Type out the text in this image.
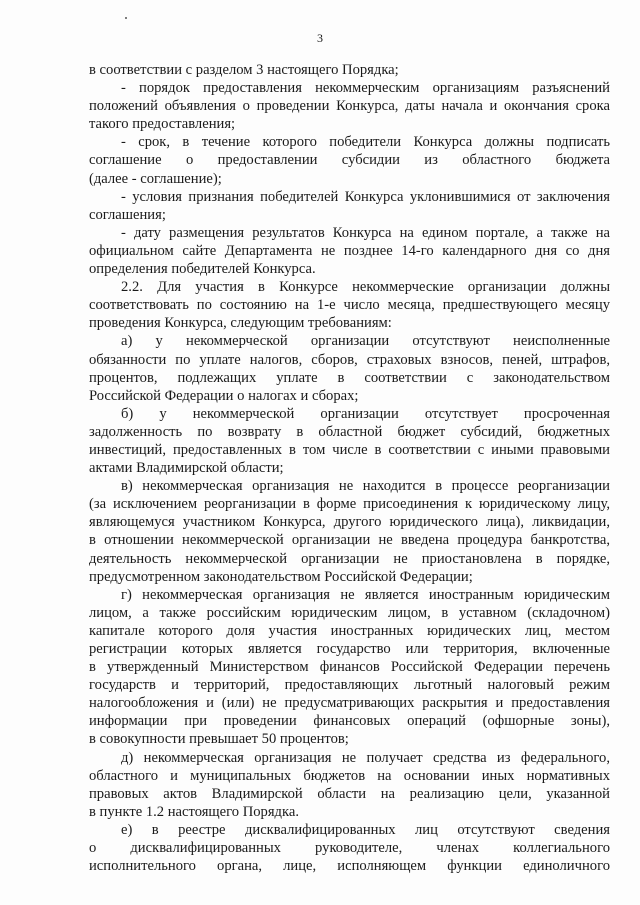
3

в соответствии с разделом 3 настоящего Порядка;

- порядок предоставления некоммерческим организациям разъяснений

положений объявления о проведении Конкурса, даты начала и окончания срока

такого предоставления;

- срок, в течение которого победители Конкурса должны подписать

соглашение о предоставлении субсидии из областного бюджета

(далее - соглашение);

- условия признания победителей Конкурса уклонившимися от заключения

соглашения;

- дату размещения результатов Конкурса на едином портале, а также на

официальном сайте Департамента не позднее 14-го календарного дня со дня

определения победителей Конкурса.

2.2. Для участия в Конкурсе некоммерческие организации должны

соответствовать по состоянию на 1-е число месяца, предшествующего месяцу

проведения Конкурса, следующим требованиям:

а) у некоммерческой организации отсутствуют неисполненные

обязанности по уплате налогов, сборов, страховых взносов, пеней, штрафов,

процентов, подлежащих уплате в соответствии с законодательством

Российской Федерации о налогах и сборах;

б) у некоммерческой организации отсутствует просроченная

задолженность по возврату в областной бюджет субсидий, бюджетных

инвестиций, предоставленных в том числе в соответствии с иными правовыми

актами Владимирской области;

в) некоммерческая организация не находится в процессе реорганизации

(за исключением реорганизации в форме присоединения к юридическому лицу,

являющемуся участником Конкурса, другого юридического лица), ликвидации,

в отношении некоммерческой организации не введена процедура банкротства,

деятельность некоммерческой организации не приостановлена в порядке,

предусмотренном законодательством Российской Федерации;

г) некоммерческая организация не является иностранным юридическим

лицом, а также российским юридическим лицом, в уставном (складочном)

капитале которого доля участия иностранных юридических лиц, местом

регистрации которых является государство или территория, включенные

в утвержденный Министерством финансов Российской Федерации перечень

государств и территорий, предоставляющих льготный налоговый режим

налогообложения и (или) не предусматривающих раскрытия и предоставления

информации при проведении финансовых операций (офшорные зоны),

в совокупности превышает 50 процентов;

д) некоммерческая организация не получает средства из федерального,

областного и муниципальных бюджетов на основании иных нормативных

правовых актов Владимирской области на реализацию цели, указанной

в пункте 1.2 настоящего Порядка.

е) в реестре дисквалифицированных лиц отсутствуют сведения

о дисквалифицированных руководителе, членах коллегиального

исполнительного органа, лице, исполняющем функции единоличного
